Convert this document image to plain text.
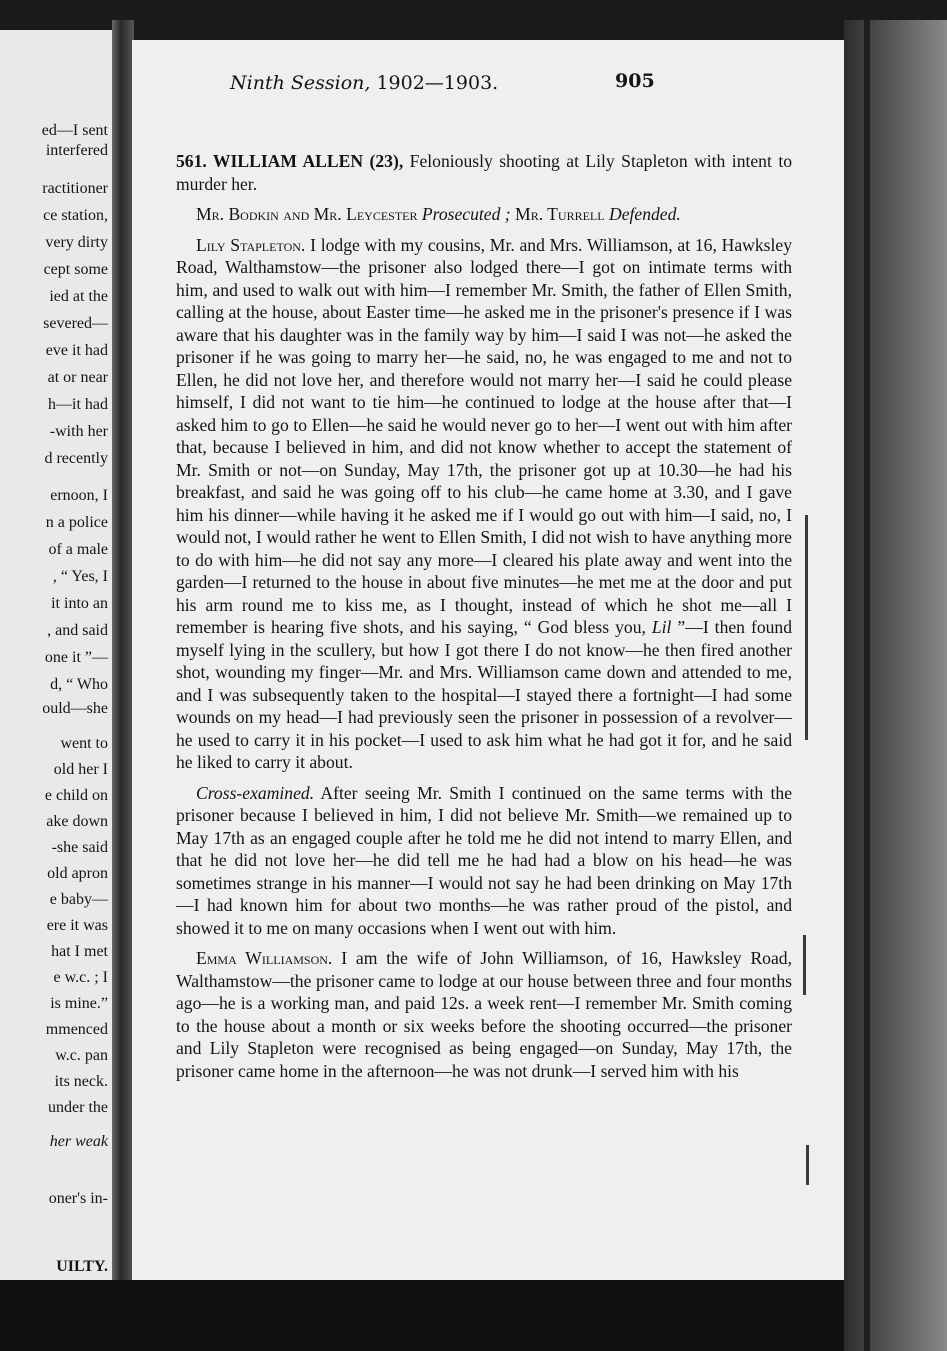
ed—I sent
interfered
ractitioner
ce station,
very dirty
cept some
ied at the
severed—
eve it had
at or near
h—it had
-with her
d recently
ernoon, I
n a police
of a male
, “ Yes, I
it into an
, and said
one it ”—
d, “ Who
ould—she
went to
old her I
e child on
ake down
-she said
old apron
e baby—
ere it was
hat I met
e w.c. ; I
is mine.”
mmenced
w.c. pan
its neck.
under the
her weak
oner's in-
UILTY.
Ninth Session, 1902—1903.	905

561. WILLIAM ALLEN (23), Feloniously shooting at Lily Stapleton with intent to murder her.

Mr. Bodkin and Mr. Leycester Prosecuted ; Mr. Turrell Defended.

Lily Stapleton. I lodge with my cousins, Mr. and Mrs. Williamson, at 16, Hawksley Road, Walthamstow—the prisoner also lodged there—I got on intimate terms with him, and used to walk out with him—I remember Mr. Smith, the father of Ellen Smith, calling at the house, about Easter time—he asked me in the prisoner's presence if I was aware that his daughter was in the family way by him—I said I was not—he asked the prisoner if he was going to marry her—he said, no, he was engaged to me and not to Ellen, he did not love her, and therefore would not marry her—I said he could please himself, I did not want to tie him—he continued to lodge at the house after that—I asked him to go to Ellen—he said he would never go to her—I went out with him after that, because I believed in him, and did not know whether to accept the statement of Mr. Smith or not—on Sunday, May 17th, the prisoner got up at 10.30—he had his breakfast, and said he was going off to his club—he came home at 3.30, and I gave him his dinner—while having it he asked me if I would go out with him—I said, no, I would not, I would rather he went to Ellen Smith, I did not wish to have anything more to do with him—he did not say any more—I cleared his plate away and went into the garden—I returned to the house in about five minutes—he met me at the door and put his arm round me to kiss me, as I thought, instead of which he shot me—all I remember is hearing five shots, and his saying, “ God bless you, Lil ”—I then found myself lying in the scullery, but how I got there I do not know—he then fired another shot, wounding my finger—Mr. and Mrs. Williamson came down and attended to me, and I was subsequently taken to the hospital—I stayed there a fortnight—I had some wounds on my head—I had previously seen the prisoner in possession of a revolver—he used to carry it in his pocket—I used to ask him what he had got it for, and he said he liked to carry it about.

Cross-examined. After seeing Mr. Smith I continued on the same terms with the prisoner because I believed in him, I did not believe Mr. Smith—we remained up to May 17th as an engaged couple after he told me he did not intend to marry Ellen, and that he did not love her—he did tell me he had had a blow on his head—he was sometimes strange in his manner—I would not say he had been drinking on May 17th—I had known him for about two months—he was rather proud of the pistol, and showed it to me on many occasions when I went out with him.

Emma Williamson. I am the wife of John Williamson, of 16, Hawksley Road, Walthamstow—the prisoner came to lodge at our house between three and four months ago—he is a working man, and paid 12s. a week rent—I remember Mr. Smith coming to the house about a month or six weeks before the shooting occurred—the prisoner and Lily Stapleton were recognised as being engaged—on Sunday, May 17th, the prisoner came home in the afternoon—he was not drunk—I served him with his
